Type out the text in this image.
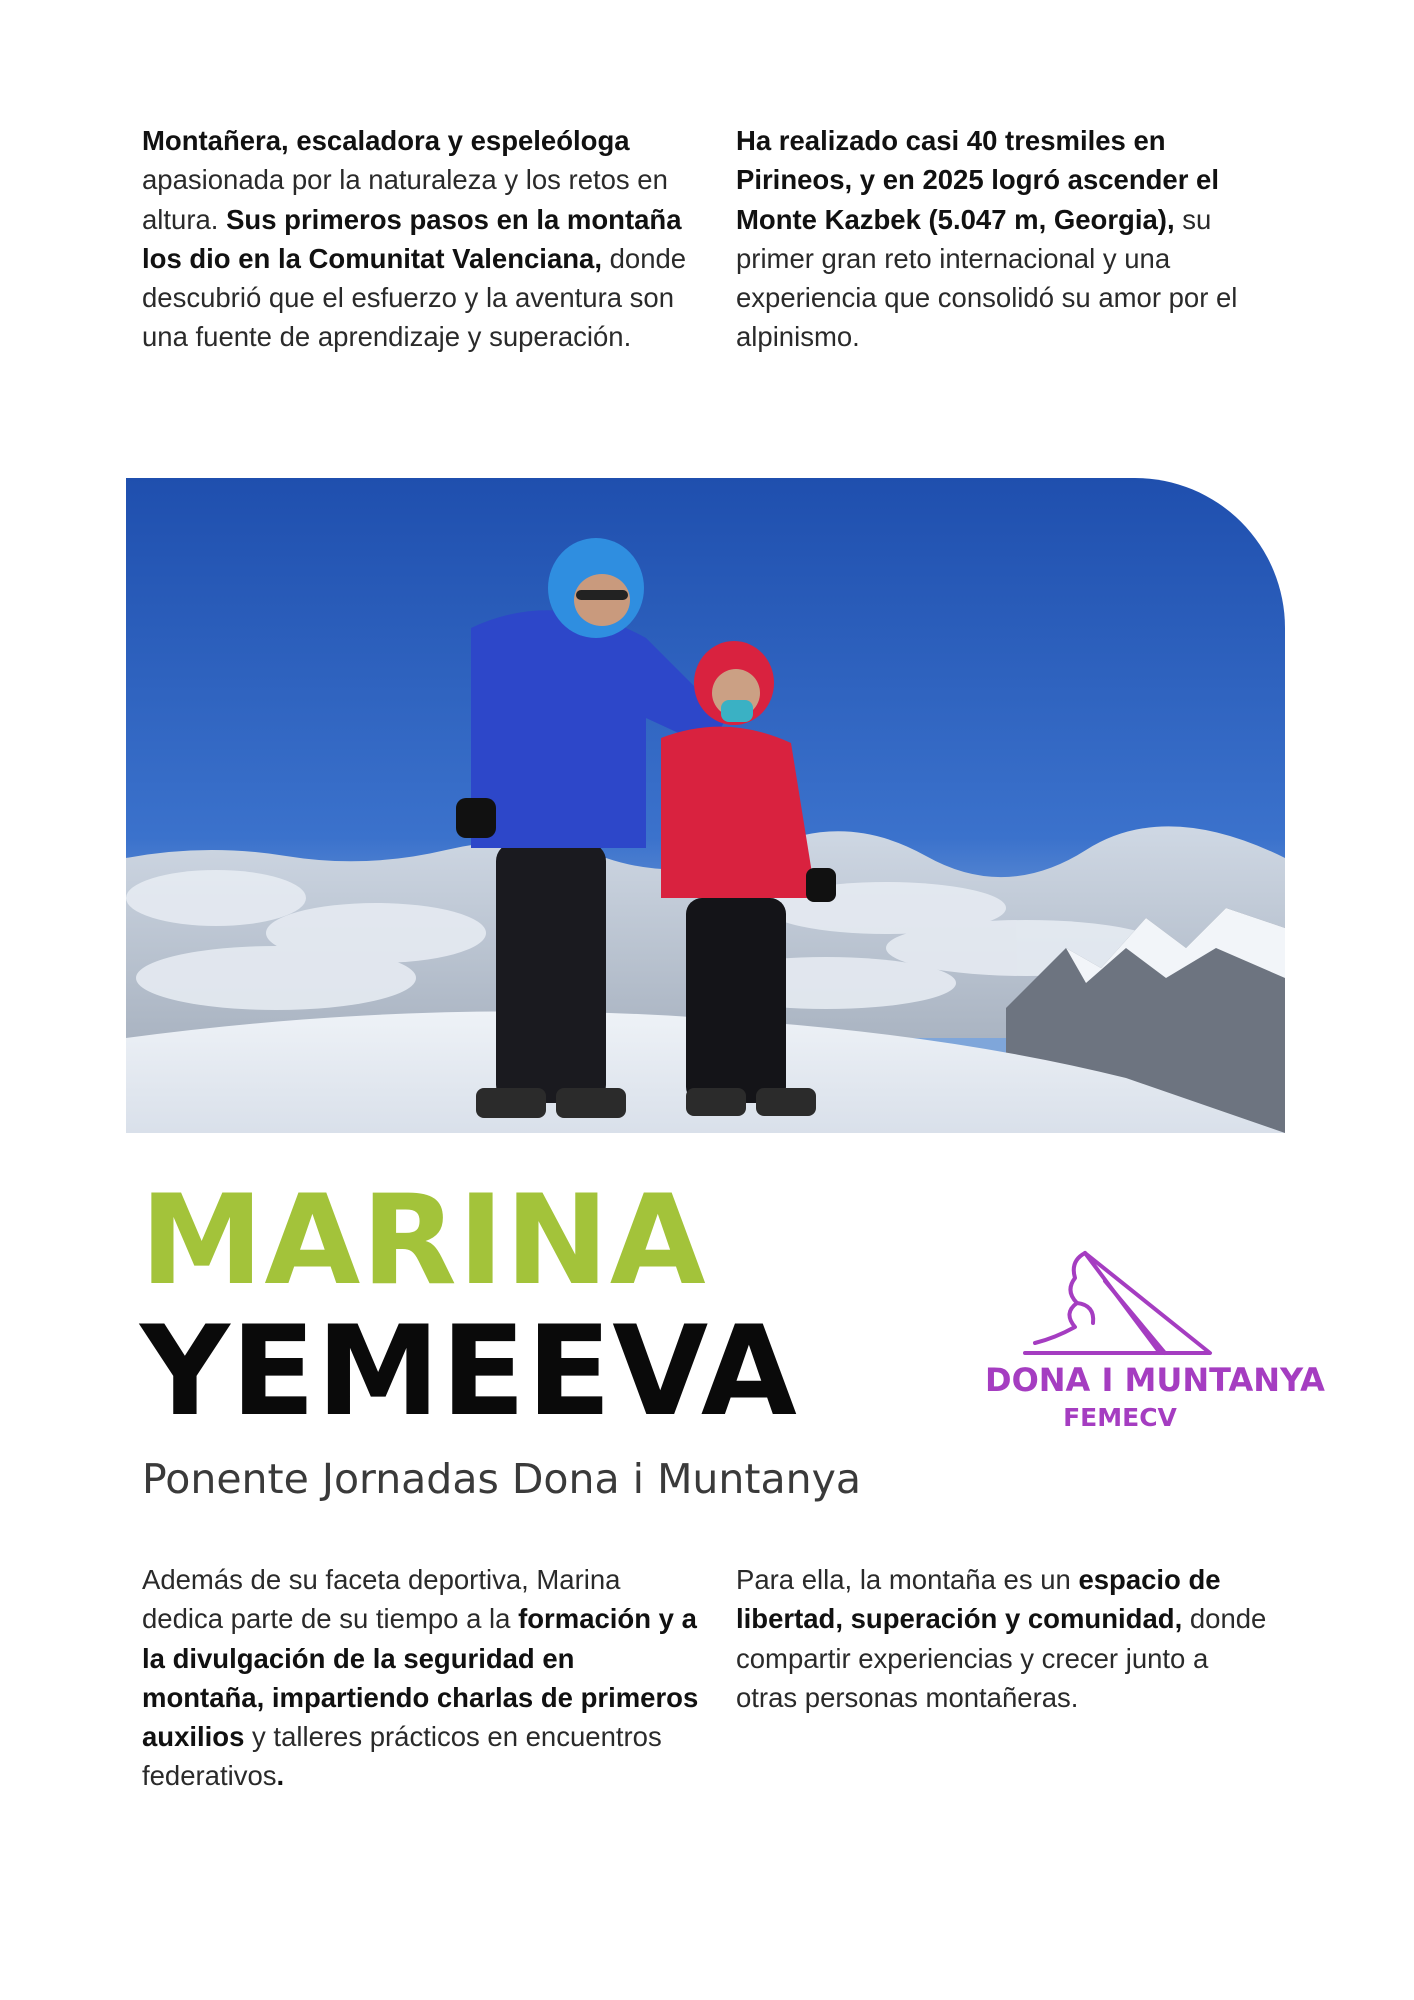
Montañera, escaladora y espeleóloga apasionada por la naturaleza y los retos en altura. Sus primeros pasos en la montaña los dio en la Comunitat Valenciana, donde descubrió que el esfuerzo y la aventura son una fuente de aprendizaje y superación.

Ha realizado casi 40 tresmiles en Pirineos, y en 2025 logró ascender el Monte Kazbek (5.047 m, Georgia), su primer gran reto internacional y una experiencia que consolidó su amor por el alpinismo.

MARINA
YEMEEVA

Ponente Jornadas Dona i Muntanya

DONA I MUNTANYA
FEMECV

Además de su faceta deportiva, Marina dedica parte de su tiempo a la formación y a la divulgación de la seguridad en montaña, impartiendo charlas de primeros auxilios y talleres prácticos en encuentros federativos.

Para ella, la montaña es un espacio de libertad, superación y comunidad, donde compartir experiencias y crecer junto a otras personas montañeras.
